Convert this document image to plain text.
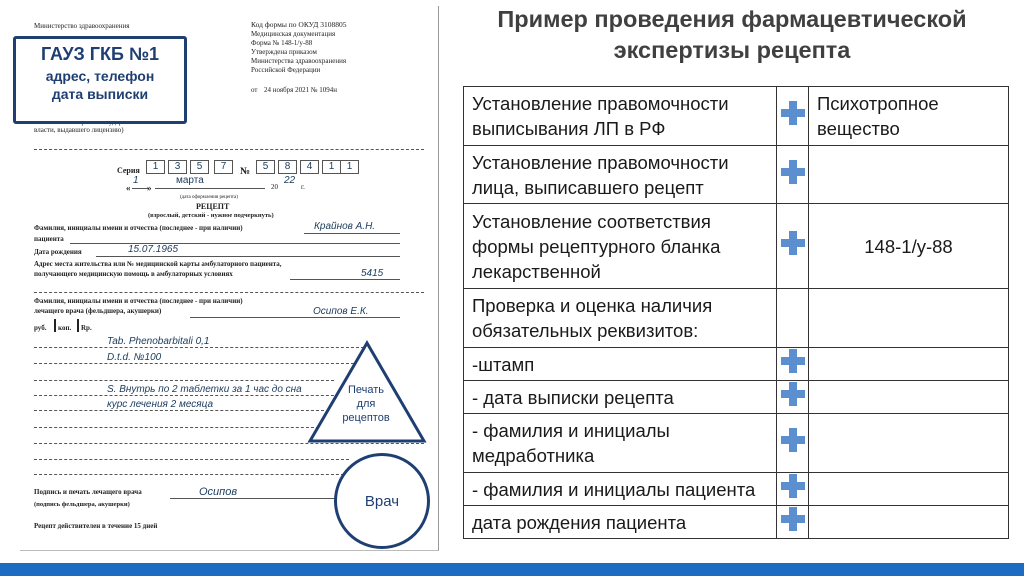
Министерство здравоохранения	Код формы по ОКУД 3108805
Медицинская документация
Форма № 148-1/у-88
Утверждена приказом
Министерства здравоохранения
Российской Федерации
от 24 ноября 2021 № 1094н
власти, выдавшего лицензию)
Серия	1	3	5	7	№	5	8	4	1	1
«
1
»
марта
20
22
г.
(дата оформления рецепта)
РЕЦЕПТ
(взрослый, детский - нужное подчеркнуть)
Фамилия, инициалы имени и отчества (последнее - при наличии)	Крайнов А.Н.
пациента
Дата рождения	15.07.1965
Адрес места жительства или № медицинской карты амбулаторного пациента,
получающего медицинскую помощь в амбулаторных условиях	5415
Фамилия, инициалы имени и отчества (последнее - при наличии)
лечащего врача (фельдшера, акушерки)	Осипов Е.К.
руб. коп. Rp.
Tab. Phenobarbitali 0,1
D.t.d. №100
S. Внутрь по 2 таблетки за 1 час до сна
курс лечения 2 месяца
Подпись и печать лечащего врача	Осипов
(подпись фельдшера, акушерки)
Рецепт действителен в течение 15 дней
ГАУЗ ГКБ №1
адрес, телефон
дата выписки
Печать
для
рецептов
Врач
Пример проведения фармацевтической
экспертизы рецепта
Установление правомочности выписывания ЛП в РФ		Психотропное вещество
Установление правомочности лица, выписавшего рецепт		
Установление соответствия формы рецептурного бланка лекарственной		148-1/у-88
Проверка и оценка наличия обязательных реквизитов:		
-штамп		
- дата выписки рецепта		
- фамилия и инициалы медработника		
- фамилия и инициалы пациента		
дата рождения пациента		
